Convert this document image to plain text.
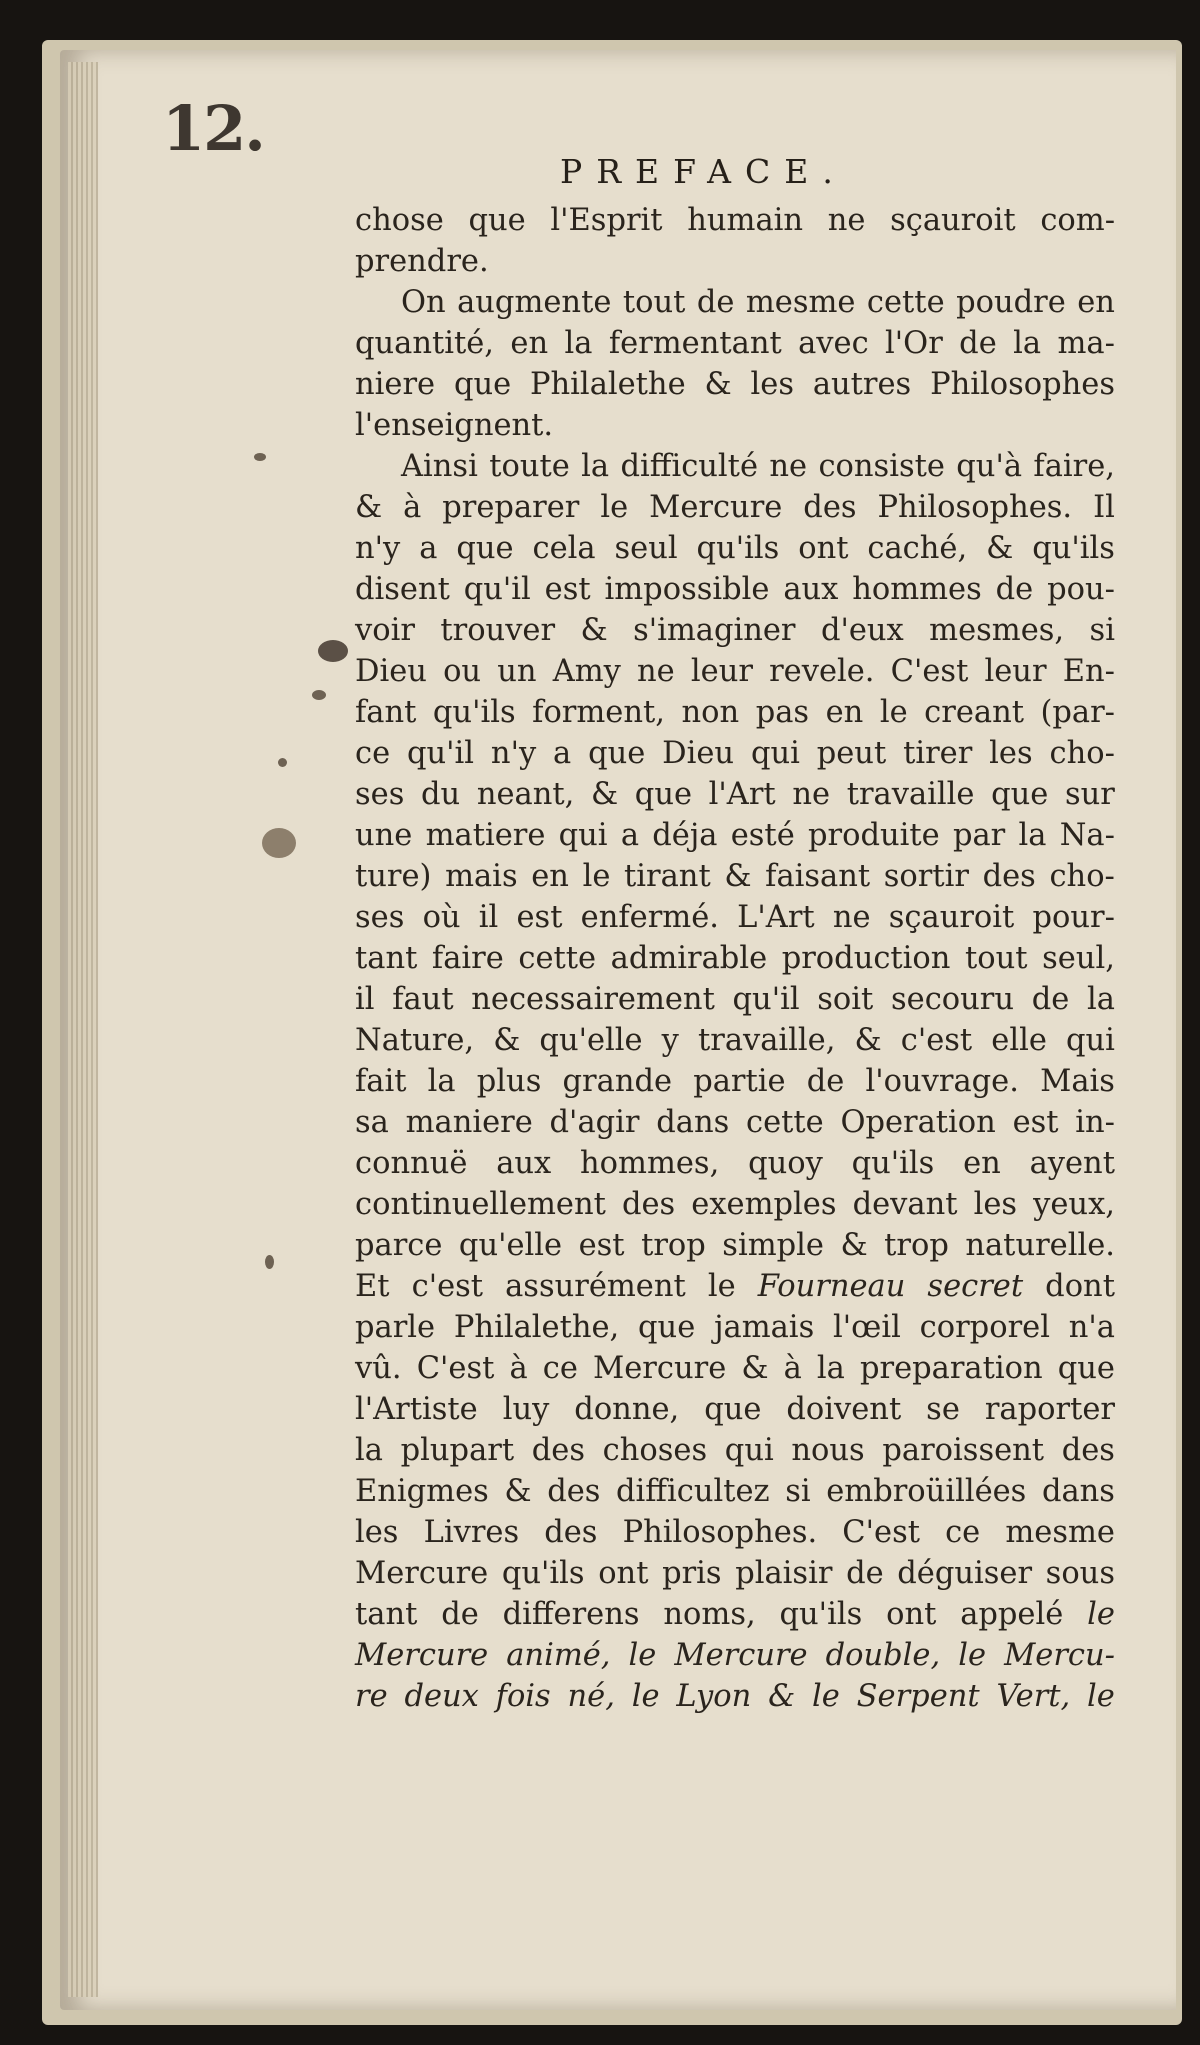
12.
PREFACE.
chose que l'Esprit humain ne sçauroit com-
prendre.
On augmente tout de mesme cette poudre en
quantité, en la fermentant avec l'Or de la ma-
niere que Philalethe & les autres Philosophes
l'enseignent.
Ainsi toute la difficulté ne consiste qu'à faire,
& à preparer le Mercure des Philosophes. Il
n'y a que cela seul qu'ils ont caché, & qu'ils
disent qu'il est impossible aux hommes de pou-
voir trouver & s'imaginer d'eux mesmes, si
Dieu ou un Amy ne leur revele. C'est leur En-
fant qu'ils forment, non pas en le creant (par-
ce qu'il n'y a que Dieu qui peut tirer les cho-
ses du neant, & que l'Art ne travaille que sur
une matiere qui a déja esté produite par la Na-
ture) mais en le tirant & faisant sortir des cho-
ses où il est enfermé. L'Art ne sçauroit pour-
tant faire cette admirable production tout seul,
il faut necessairement qu'il soit secouru de la
Nature, & qu'elle y travaille, & c'est elle qui
fait la plus grande partie de l'ouvrage. Mais
sa maniere d'agir dans cette Operation est in-
connuë aux hommes, quoy qu'ils en ayent
continuellement des exemples devant les yeux,
parce qu'elle est trop simple & trop naturelle.
Et c'est assurément le Fourneau secret dont
parle Philalethe, que jamais l'œil corporel n'a
vû. C'est à ce Mercure & à la preparation que
l'Artiste luy donne, que doivent se raporter
la plupart des choses qui nous paroissent des
Enigmes & des difficultez si embroüillées dans
les Livres des Philosophes. C'est ce mesme
Mercure qu'ils ont pris plaisir de déguiser sous
tant de differens noms, qu'ils ont appelé le
Mercure animé, le Mercure double, le Mercu-
re deux fois né, le Lyon & le Serpent Vert, le
